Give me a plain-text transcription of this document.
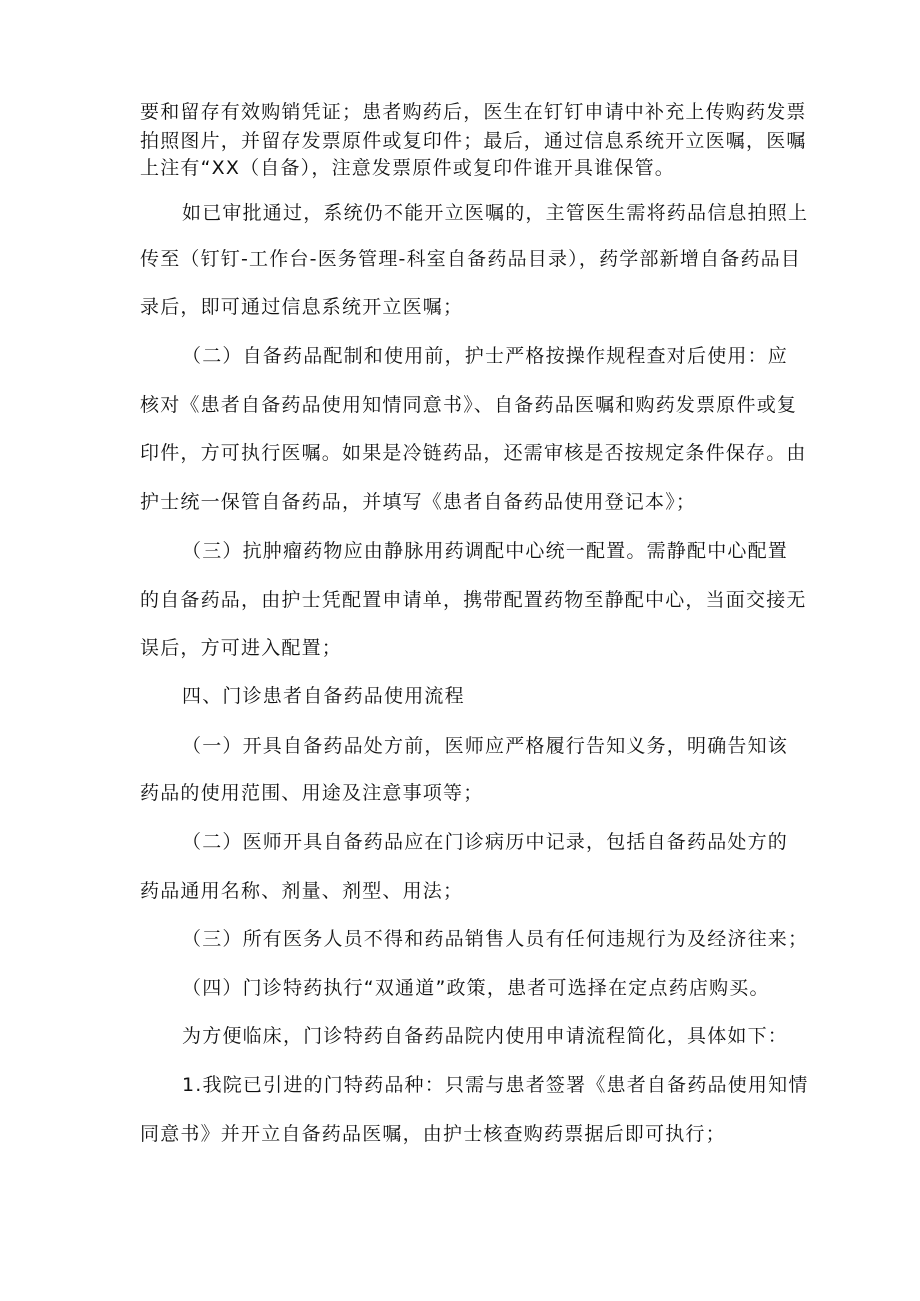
要和留存有效购销凭证；患者购药后，医生在钉钉申请中补充上传购药发票
拍照图片，并留存发票原件或复印件；最后，通过信息系统开立医嘱，医嘱
上注有“XX（自备），注意发票原件或复印件谁开具谁保管。
如已审批通过，系统仍不能开立医嘱的，主管医生需将药品信息拍照上
传至（钉钉-工作台-医务管理-科室自备药品目录），药学部新增自备药品目
录后，即可通过信息系统开立医嘱；
（二）自备药品配制和使用前，护士严格按操作规程查对后使用：应
核对《患者自备药品使用知情同意书》、自备药品医嘱和购药发票原件或复
印件，方可执行医嘱。如果是冷链药品，还需审核是否按规定条件保存。由
护士统一保管自备药品，并填写《患者自备药品使用登记本》；
（三）抗肿瘤药物应由静脉用药调配中心统一配置。需静配中心配置
的自备药品，由护士凭配置申请单，携带配置药物至静配中心，当面交接无
误后，方可进入配置；
四、门诊患者自备药品使用流程
（一）开具自备药品处方前，医师应严格履行告知义务，明确告知该
药品的使用范围、用途及注意事项等；
（二）医师开具自备药品应在门诊病历中记录，包括自备药品处方的
药品通用名称、剂量、剂型、用法；
（三）所有医务人员不得和药品销售人员有任何违规行为及经济往来；
（四）门诊特药执行“双通道”政策，患者可选择在定点药店购买。
为方便临床，门诊特药自备药品院内使用申请流程简化，具体如下：
1.我院已引进的门特药品种：只需与患者签署《患者自备药品使用知情
同意书》并开立自备药品医嘱，由护士核查购药票据后即可执行；
